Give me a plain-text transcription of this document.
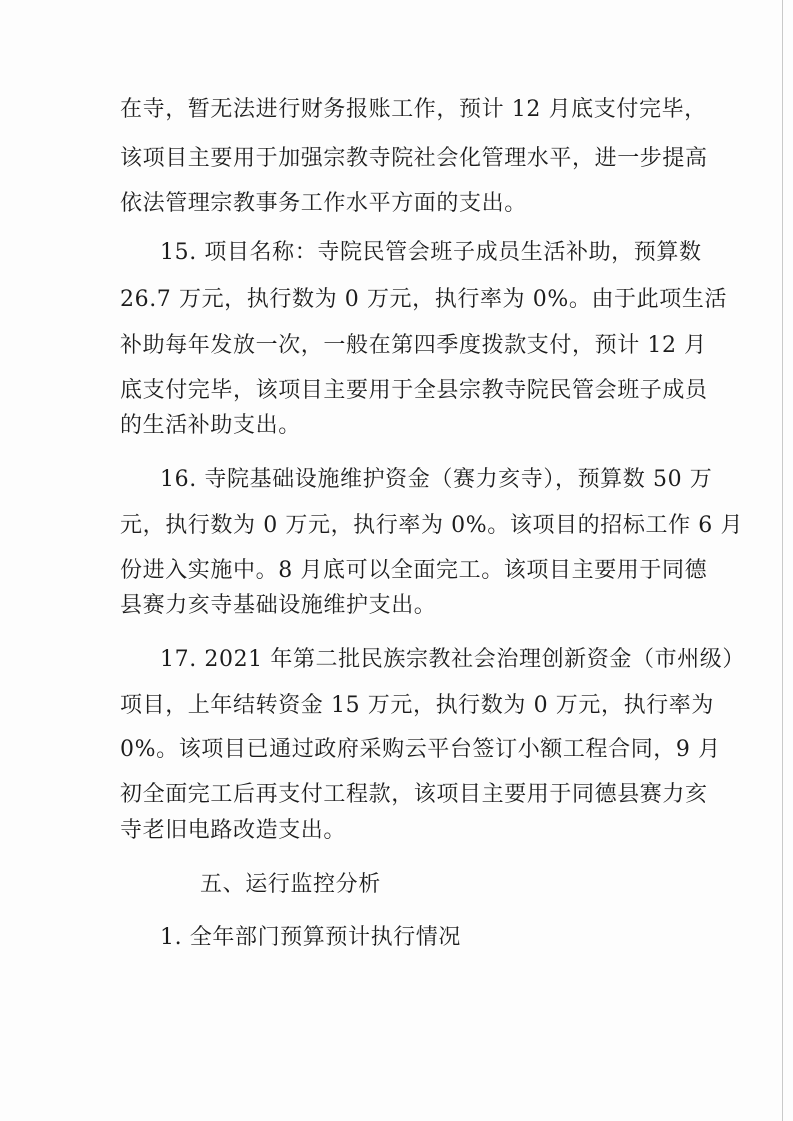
在寺，暂无法进行财务报账工作，预计 12 月底支付完毕，
该项目主要用于加强宗教寺院社会化管理水平，进一步提高
依法管理宗教事务工作水平方面的支出。
15. 项目名称：寺院民管会班子成员生活补助，预算数
26.7 万元，执行数为 0 万元，执行率为 0%。由于此项生活
补助每年发放一次，一般在第四季度拨款支付，预计 12 月
底支付完毕，该项目主要用于全县宗教寺院民管会班子成员
的生活补助支出。
16. 寺院基础设施维护资金（赛力亥寺），预算数 50 万
元，执行数为 0 万元，执行率为 0%。该项目的招标工作 6 月
份进入实施中。8 月底可以全面完工。该项目主要用于同德
县赛力亥寺基础设施维护支出。
17. 2021 年第二批民族宗教社会治理创新资金（市州级）
项目，上年结转资金 15 万元，执行数为 0 万元，执行率为
0%。该项目已通过政府采购云平台签订小额工程合同，9 月
初全面完工后再支付工程款，该项目主要用于同德县赛力亥
寺老旧电路改造支出。
五、运行监控分析
1. 全年部门预算预计执行情况
